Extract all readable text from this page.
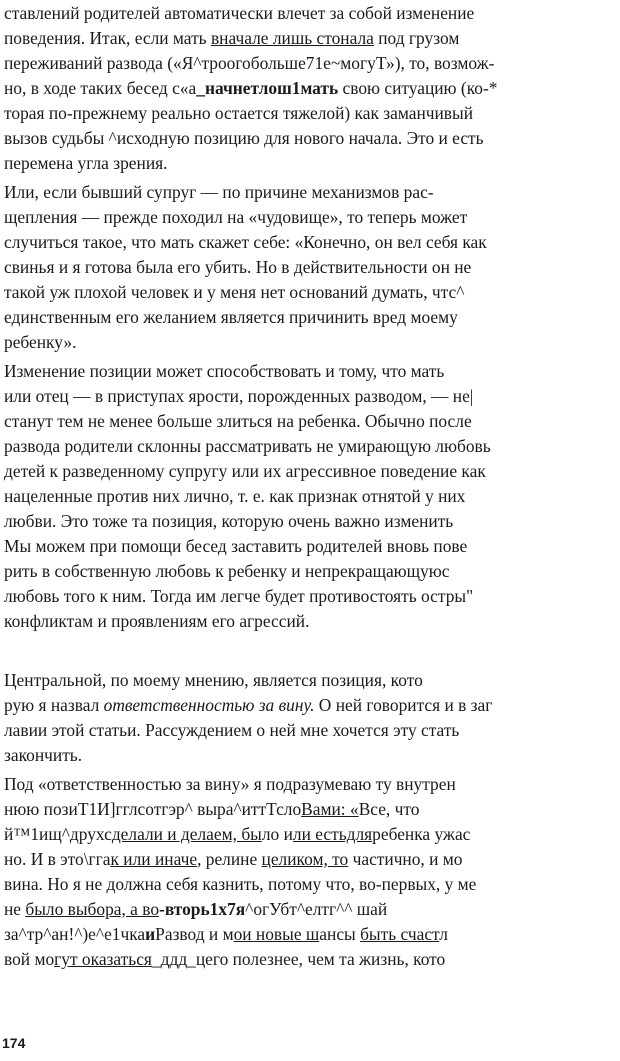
ставлений родителей автоматически влечет за собой изменение
поведения. Итак, если мать вначале лишь стонала под грузом
переживаний развода («Я^троогобольше71е~могуТ»), то, возмож-
но, в ходе таких бесед с«а_начнетлош1мать свою ситуацию (ко-*
торая по-прежнему реально остается тяжелой) как заманчивый
вызов судьбы ^исходную позицию для нового начала. Это и есть
перемена угла зрения.
Или, если бывший супруг — по причине механизмов рас-
щепления — прежде походил на «чудовище», то теперь может
случиться такое, что мать скажет себе: «Конечно, он вел себя как
свинья и я готова была его убить. Но в действительности он не
такой уж плохой человек и у меня нет оснований думать, чтс^
единственным его желанием является причинить вред моему
ребенку».
Изменение позиции может способствовать и тому, что мать
или отец — в приступах ярости, порожденных разводом, — не|
станут тем не менее больше злиться на ребенка. Обычно после
развода родители склонны рассматривать не умирающую любовь
детей к разведенному супругу или их агрессивное поведение как
нацеленные против них лично, т. е. как признак отнятой у них
любви. Это тоже та позиция, которую очень важно изменить
Мы можем при помощи бесед заставить родителей вновь пове
рить в собственную любовь к ребенку и непрекращающуюс
любовь того к ним. Тогда им легче будет противостоять остры"
конфликтам и проявлениям его агрессий.
Центральной, по моему мнению, является позиция, кото
рую я назвал ответственностью за вину. О ней говорится и в заг
лавии этой статьи. Рассуждением о ней мне хочется эту стать
закончить.
Под «ответственностью за вину» я подразумеваю ту внутрен
нюю позиТ1И]гглсотгэр^ выра^иттТслоВами: «Все, что
й™1ищ^друхсделали и делаем, было или естьдляребенка ужас
но. И в это\ггак или иначе, релине целиком, то частично, и мо
вина. Но я не должна себя казнить, потому что, во-первых, у ме
не было выбора, а во-вторь1х7я^огУбт^елтг^^ шай
за^тр^ан!^)е^е1чкаиРазвод и мои новые шансы быть счастл
вой могут оказаться_ддд_цего полезнее, чем та жизнь, кото
174
